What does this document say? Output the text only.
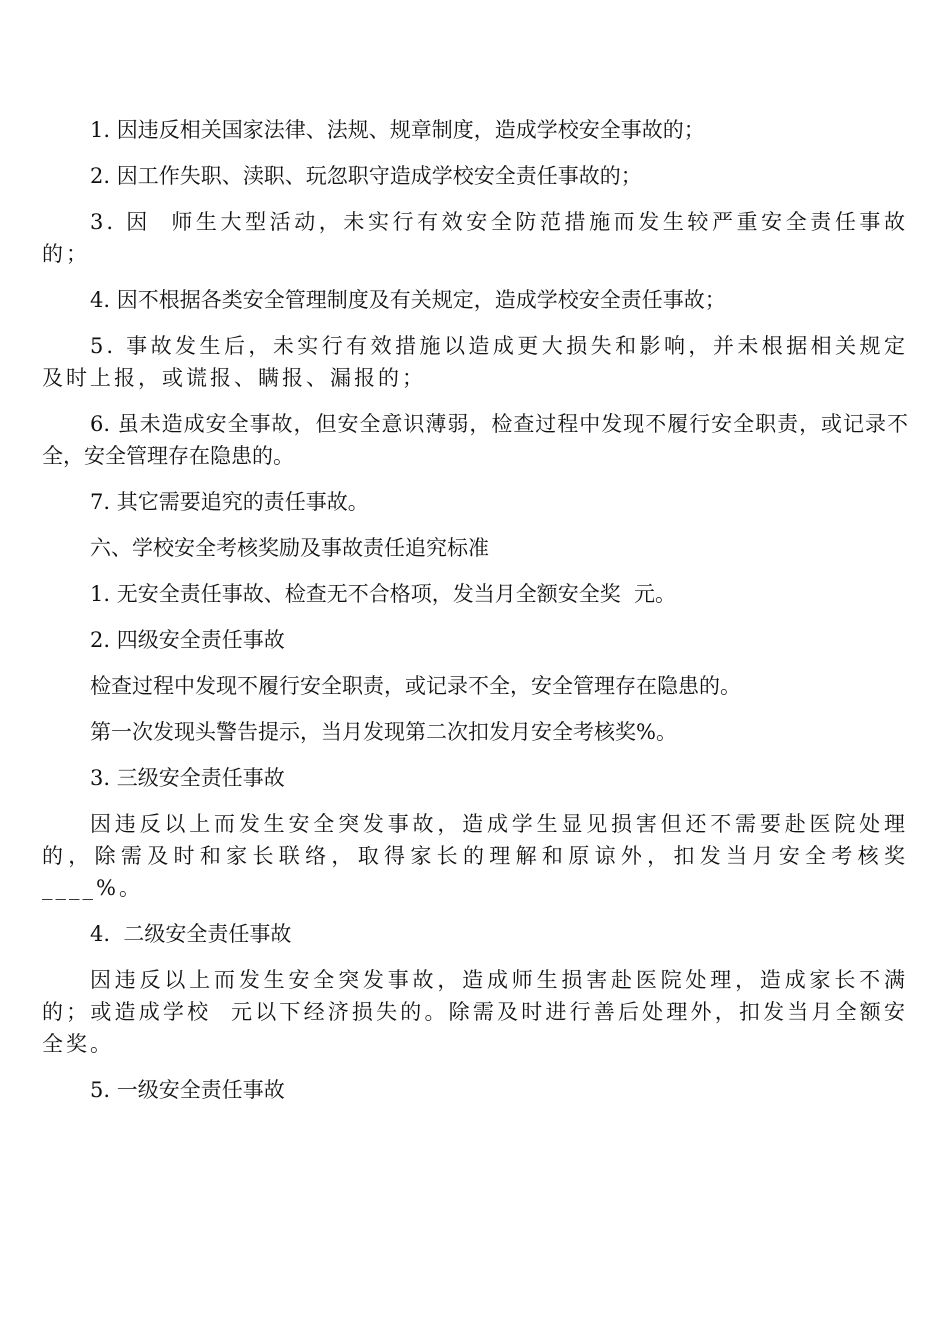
1. 因违反相关国家法律、法规、规章制度，造成学校安全事故的；

2. 因工作失职、渎职、玩忽职守造成学校安全责任事故的；

3. 因  师生大型活动，未实行有效安全防范措施而发生较严重安全责任事故的；

4. 因不根据各类安全管理制度及有关规定，造成学校安全责任事故；

5. 事故发生后，未实行有效措施以造成更大损失和影响，并未根据相关规定及时上报，或谎报、瞒报、漏报的；

6. 虽未造成安全事故，但安全意识薄弱，检查过程中发现不履行安全职责，或记录不全，安全管理存在隐患的。

7. 其它需要追究的责任事故。

六、学校安全考核奖励及事故责任追究标准

1. 无安全责任事故、检查无不合格项，发当月全额安全奖  元。

2. 四级安全责任事故

检查过程中发现不履行安全职责，或记录不全，安全管理存在隐患的。

第一次发现头警告提示，当月发现第二次扣发月安全考核奖%。

3. 三级安全责任事故

因违反以上而发生安全突发事故，造成学生显见损害但还不需要赴医院处理的，除需及时和家长联络，取得家长的理解和原谅外，扣发当月安全考核奖____%。

4.  二级安全责任事故

因违反以上而发生安全突发事故，造成师生损害赴医院处理，造成家长不满的；或造成学校  元以下经济损失的。除需及时进行善后处理外，扣发当月全额安全奖。

5. 一级安全责任事故
